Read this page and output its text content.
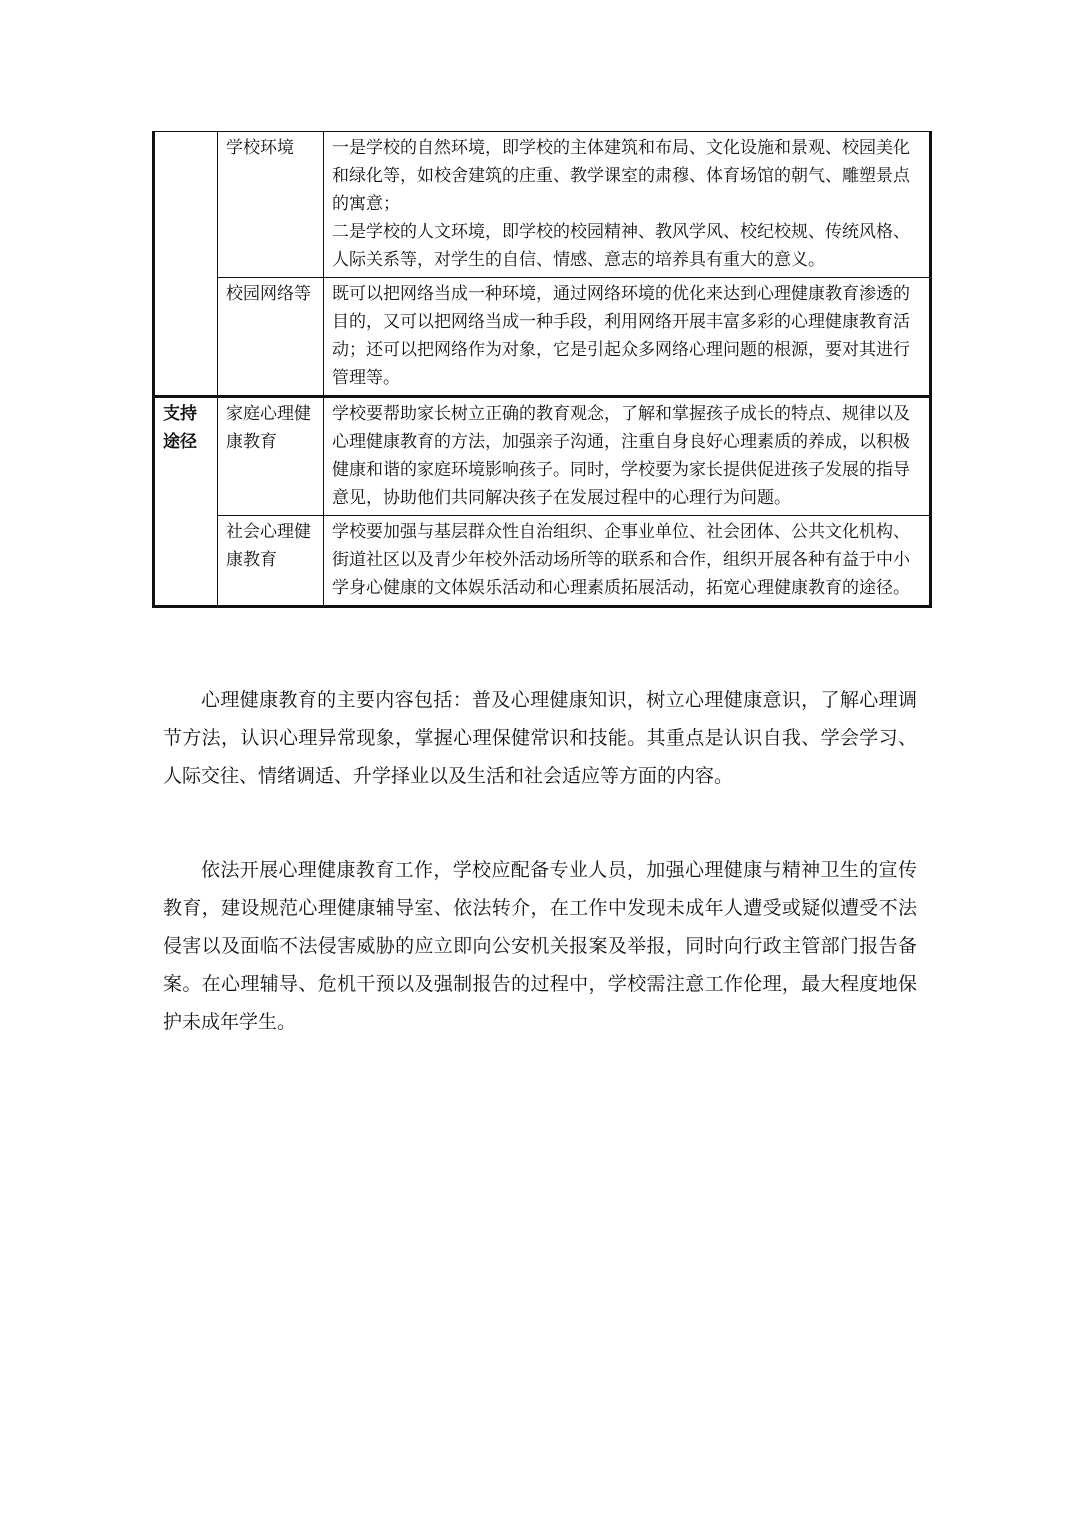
	学校环境	一是学校的自然环境，即学校的主体建筑和布局、文化设施和景观、校园美化和绿化等，如校舍建筑的庄重、教学课室的肃穆、体育场馆的朝气、雕塑景点的寓意；

二是学校的人文环境，即学校的校园精神、教风学风、校纪校规、传统风格、人际关系等，对学生的自信、情感、意志的培养具有重大的意义。

	校园网络等	既可以把网络当成一种环境，通过网络环境的优化来达到心理健康教育渗透的目的，又可以把网络当成一种手段，利用网络开展丰富多彩的心理健康教育活动；还可以把网络作为对象，它是引起众多网络心理问题的根源，要对其进行管理等。

支持途径	家庭心理健康教育	学校要帮助家长树立正确的教育观念，了解和掌握孩子成长的特点、规律以及心理健康教育的方法，加强亲子沟通，注重自身良好心理素质的养成，以积极健康和谐的家庭环境影响孩子。同时，学校要为家长提供促进孩子发展的指导意见，协助他们共同解决孩子在发展过程中的心理行为问题。

	社会心理健康教育	学校要加强与基层群众性自治组织、企事业单位、社会团体、公共文化机构、街道社区以及青少年校外活动场所等的联系和合作，组织开展各种有益于中小学身心健康的文体娱乐活动和心理素质拓展活动，拓宽心理健康教育的途径。

心理健康教育的主要内容包括：普及心理健康知识，树立心理健康意识，了解心理调节方法，认识心理异常现象，掌握心理保健常识和技能。其重点是认识自我、学会学习、人际交往、情绪调适、升学择业以及生活和社会适应等方面的内容。

依法开展心理健康教育工作，学校应配备专业人员，加强心理健康与精神卫生的宣传教育，建设规范心理健康辅导室、依法转介，在工作中发现未成年人遭受或疑似遭受不法侵害以及面临不法侵害威胁的应立即向公安机关报案及举报，同时向行政主管部门报告备案。在心理辅导、危机干预以及强制报告的过程中，学校需注意工作伦理，最大程度地保护未成年学生。
